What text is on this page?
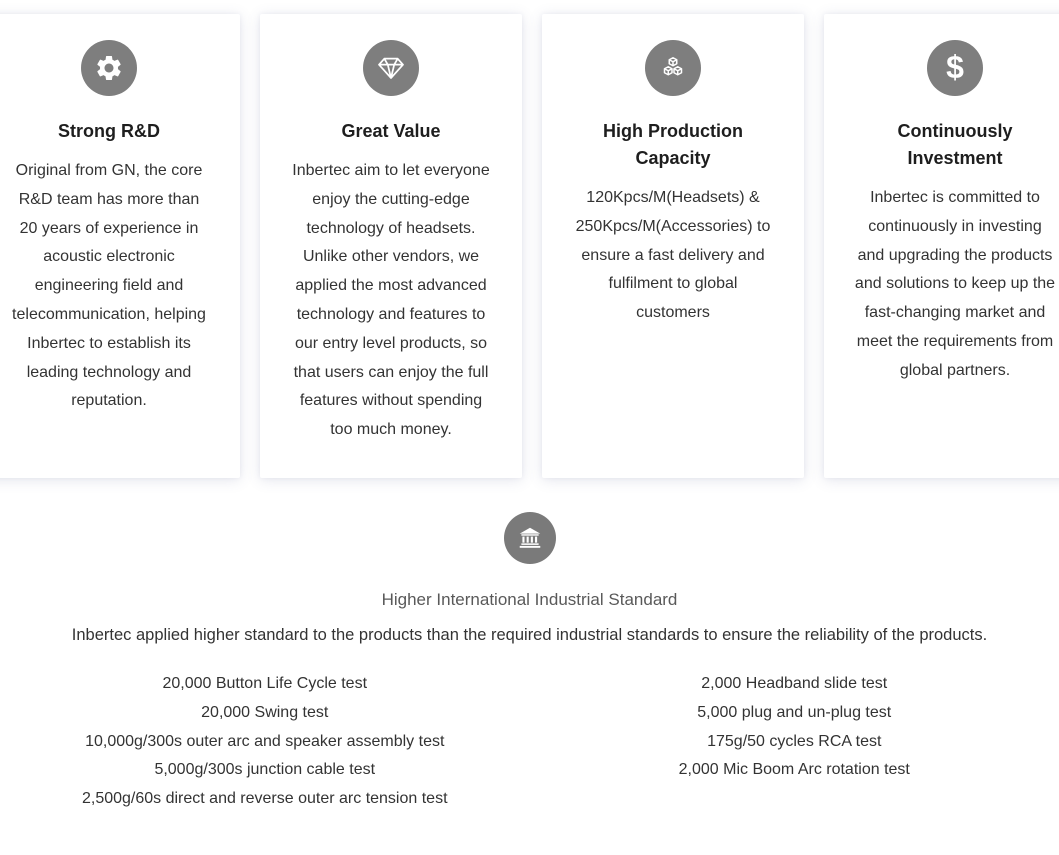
Strong R&D

Original from GN, the core R&D team has more than 20 years of experience in acoustic electronic engineering field and telecommunication, helping Inbertec to establish its leading technology and reputation.

Great Value

Inbertec aim to let everyone enjoy the cutting-edge technology of headsets. Unlike other vendors, we applied the most advanced technology and features to our entry level products, so that users can enjoy the full features without spending too much money.

High Production Capacity

120Kpcs/M(Headsets) & 250Kpcs/M(Accessories) to ensure a fast delivery and fulfilment to global customers

$
Continuously Investment

Inbertec is committed to continuously in investing and upgrading the products and solutions to keep up the fast-changing market and meet the requirements from global partners.

Higher International Industrial Standard
Inbertec applied higher standard to the products than the required industrial standards to ensure the reliability of the products.
20,000 Button Life Cycle test
20,000 Swing test
10,000g/300s outer arc and speaker assembly test
5,000g/300s junction cable test
2,500g/60s direct and reverse outer arc tension test
2,000 Headband slide test
5,000 plug and un-plug test
175g/50 cycles RCA test
2,000 Mic Boom Arc rotation test
